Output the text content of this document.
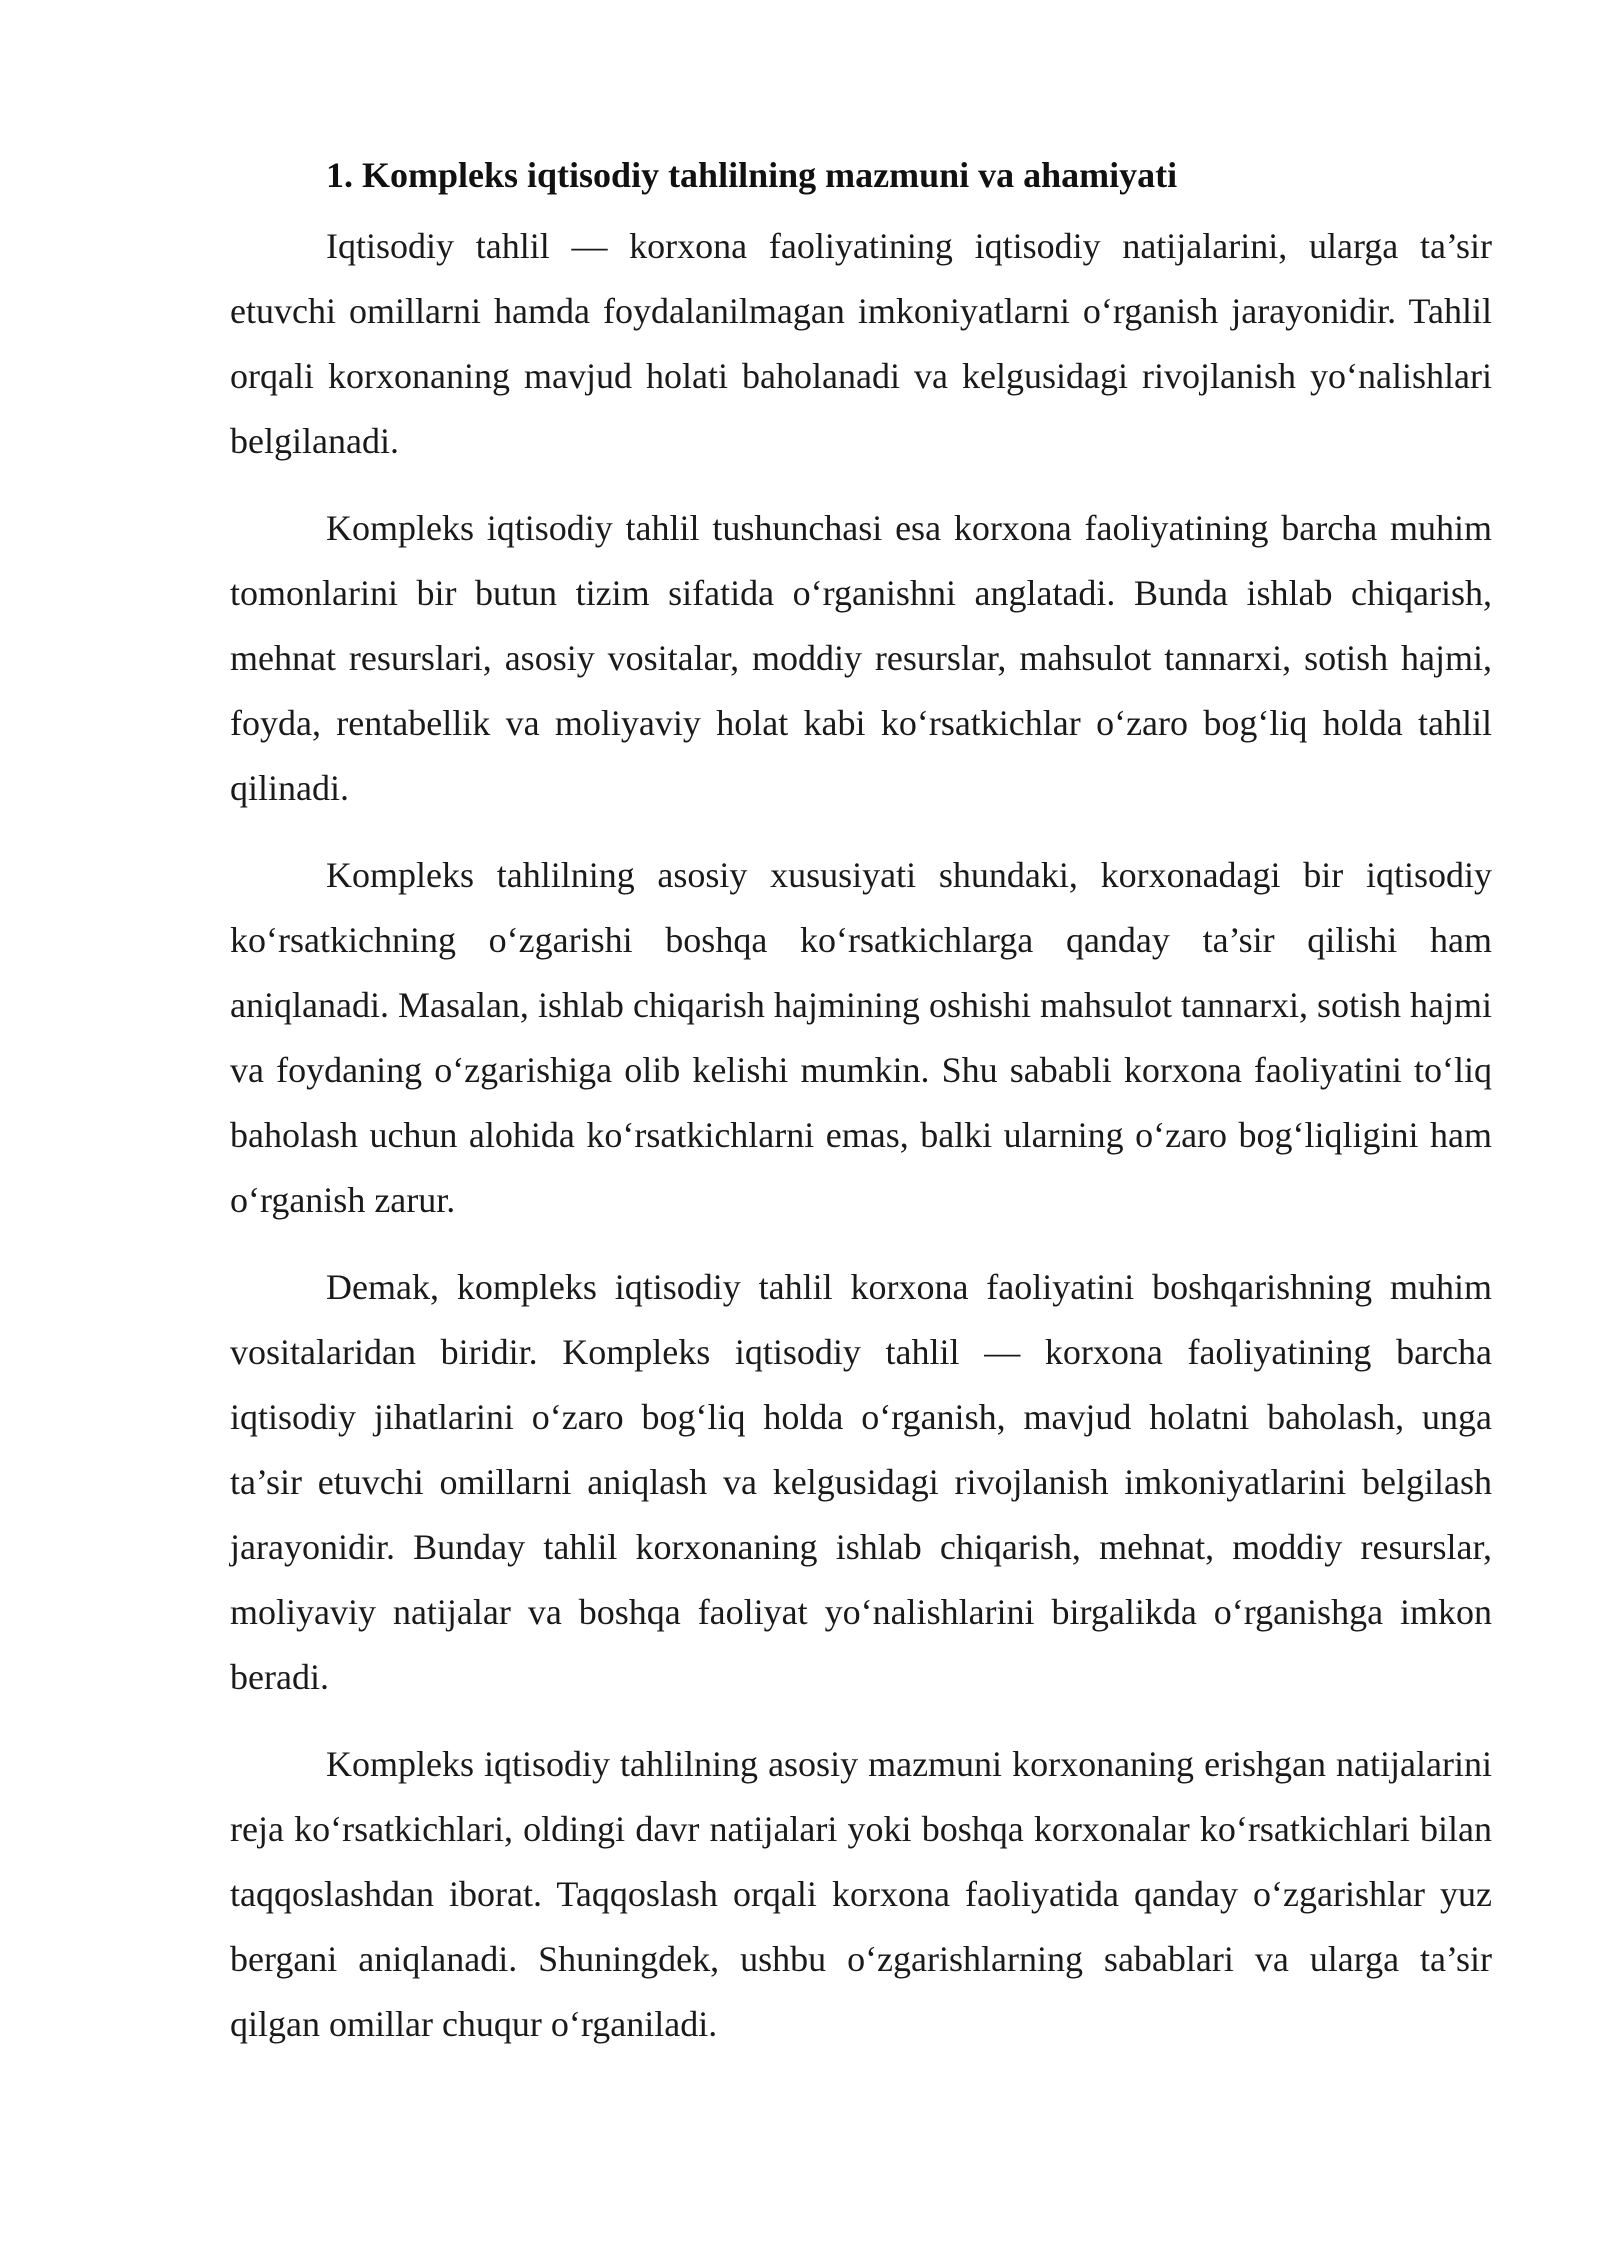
1. Kompleks iqtisodiy tahlilning mazmuni va ahamiyati

Iqtisodiy tahlil — korxona faoliyatining iqtisodiy natijalarini, ularga ta’sir etuvchi omillarni hamda foydalanilmagan imkoniyatlarni o‘rganish jarayonidir. Tahlil orqali korxonaning mavjud holati baholanadi va kelgusidagi rivojlanish yo‘nalishlari belgilanadi.

Kompleks iqtisodiy tahlil tushunchasi esa korxona faoliyatining barcha muhim tomonlarini bir butun tizim sifatida o‘rganishni anglatadi. Bunda ishlab chiqarish, mehnat resurslari, asosiy vositalar, moddiy resurslar, mahsulot tannarxi, sotish hajmi, foyda, rentabellik va moliyaviy holat kabi ko‘rsatkichlar o‘zaro bog‘liq holda tahlil qilinadi.

Kompleks tahlilning asosiy xususiyati shundaki, korxonadagi bir iqtisodiy ko‘rsatkichning o‘zgarishi boshqa ko‘rsatkichlarga qanday ta’sir qilishi ham aniqlanadi. Masalan, ishlab chiqarish hajmining oshishi mahsulot tannarxi, sotish hajmi va foydaning o‘zgarishiga olib kelishi mumkin. Shu sababli korxona faoliyatini to‘liq baholash uchun alohida ko‘rsatkichlarni emas, balki ularning o‘zaro bog‘liqligini ham o‘rganish zarur.

Demak, kompleks iqtisodiy tahlil korxona faoliyatini boshqarishning muhim vositalaridan biridir. Kompleks iqtisodiy tahlil — korxona faoliyatining barcha iqtisodiy jihatlarini o‘zaro bog‘liq holda o‘rganish, mavjud holatni baholash, unga ta’sir etuvchi omillarni aniqlash va kelgusidagi rivojlanish imkoniyatlarini belgilash jarayonidir. Bunday tahlil korxonaning ishlab chiqarish, mehnat, moddiy resurslar, moliyaviy natijalar va boshqa faoliyat yo‘nalishlarini birgalikda o‘rganishga imkon beradi.

Kompleks iqtisodiy tahlilning asosiy mazmuni korxonaning erishgan natijalarini reja ko‘rsatkichlari, oldingi davr natijalari yoki boshqa korxonalar ko‘rsatkichlari bilan taqqoslashdan iborat. Taqqoslash orqali korxona faoliyatida qanday o‘zgarishlar yuz bergani aniqlanadi. Shuningdek, ushbu o‘zgarishlarning sabablari va ularga ta’sir qilgan omillar chuqur o‘rganiladi.
